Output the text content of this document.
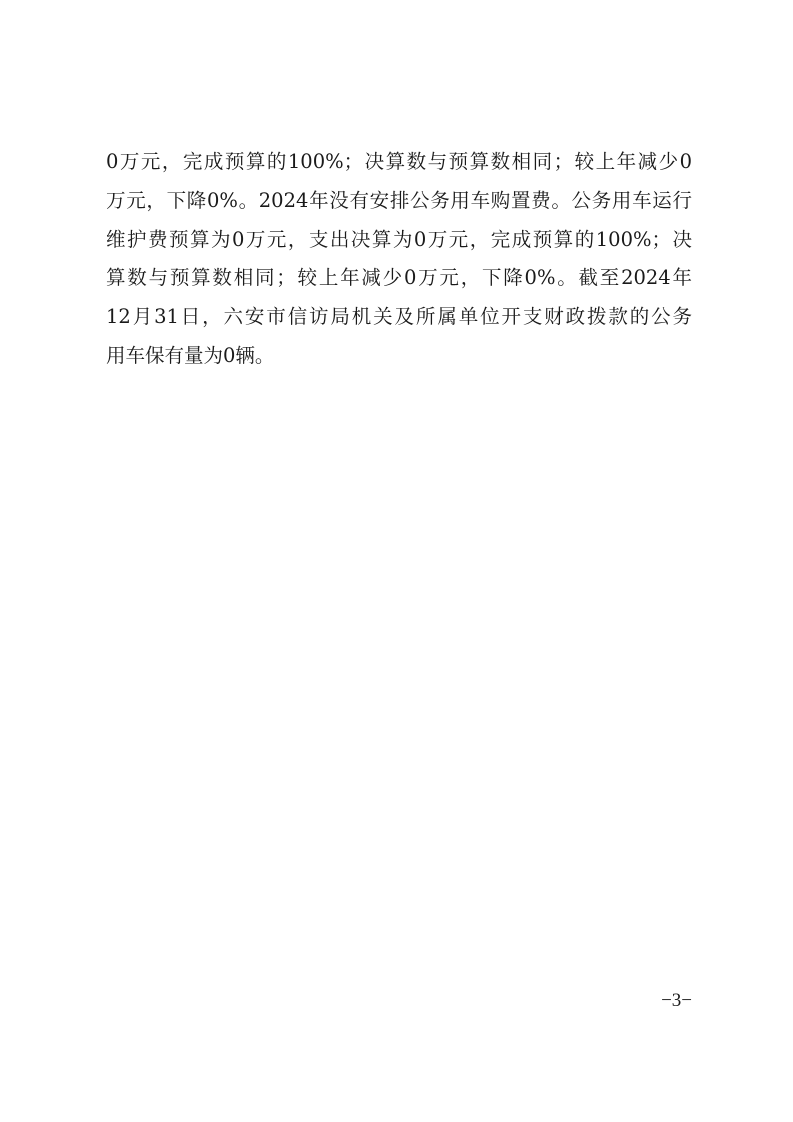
0万元，完成预算的100%；决算数与预算数相同；较上年减少0
万元，下降0%。2024年没有安排公务用车购置费。公务用车运行
维护费预算为0万元，支出决算为0万元，完成预算的100%；决
算数与预算数相同；较上年减少0万元，下降0%。截至2024年
12月31日，六安市信访局机关及所属单位开支财政拨款的公务
用车保有量为0辆。
−3−
